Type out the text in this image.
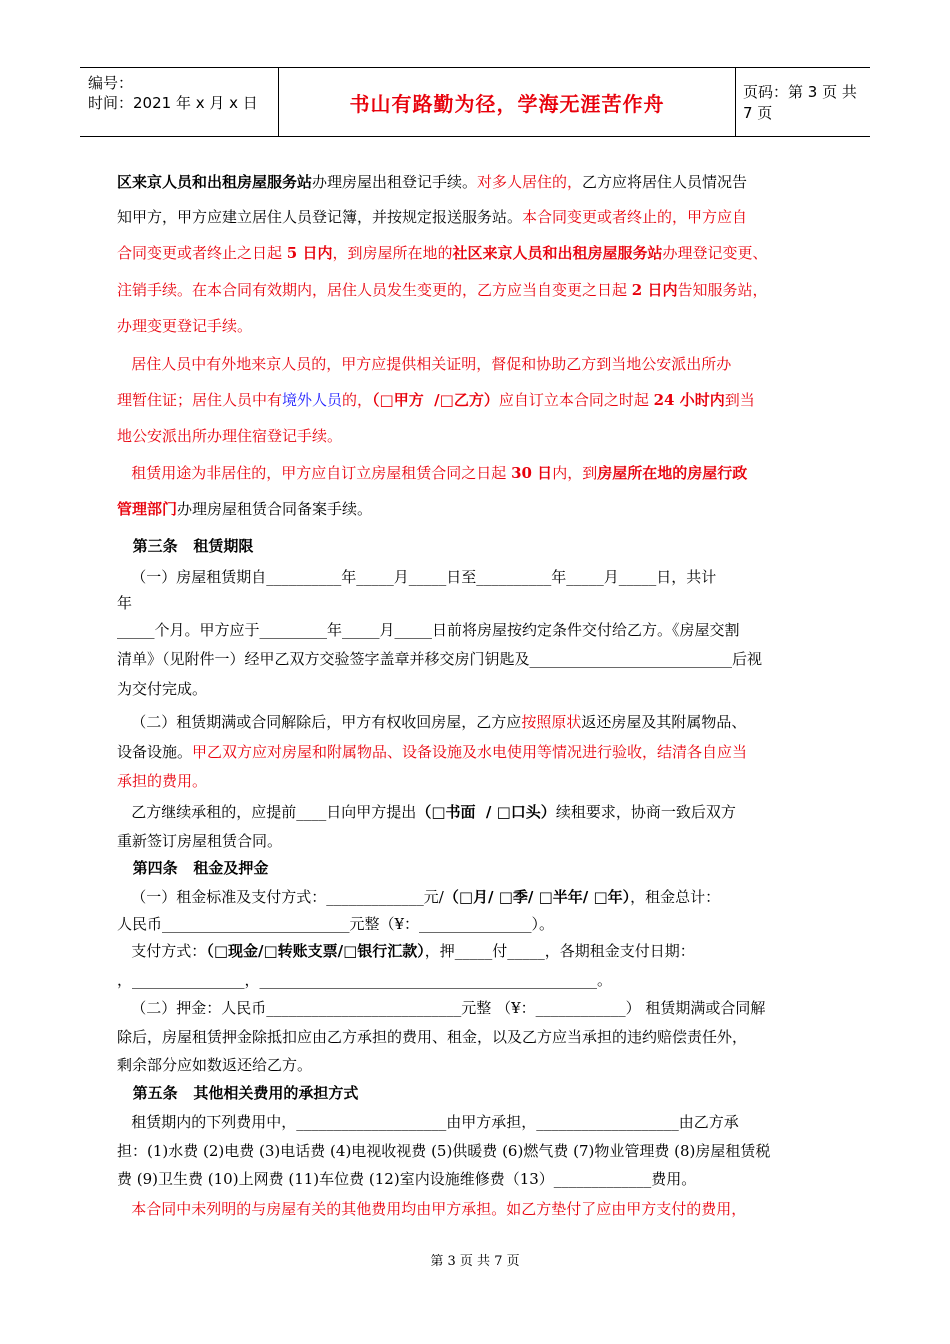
编号：
时间：2021 年 x 月 x 日	书山有路勤为径，学海无涯苦作舟	页码：第 3 页 共 7 页
区来京人员和出租房屋服务站办理房屋出租登记手续。对多人居住的，乙方应将居住人员情况告
知甲方，甲方应建立居住人员登记簿，并按规定报送服务站。本合同变更或者终止的，甲方应自
合同变更或者终止之日起 5 日内，到房屋所在地的社区来京人员和出租房屋服务站办理登记变更、
注销手续。在本合同有效期内，居住人员发生变更的，乙方应当自变更之日起 2 日内告知服务站，
办理变更登记手续。
居住人员中有外地来京人员的，甲方应提供相关证明，督促和协助乙方到当地公安派出所办
理暂住证；居住人员中有境外人员的，（□甲方  /□乙方）应自订立本合同之时起 24 小时内到当
地公安派出所办理住宿登记手续。
租赁用途为非居住的，甲方应自订立房屋租赁合同之日起 30 日内，到房屋所在地的房屋行政
管理部门办理房屋租赁合同备案手续。
第三条   租赁期限
（一）房屋租赁期自__________年_____月_____日至__________年_____月_____日，共计
年
_____个月。甲方应于_________年_____月_____日前将房屋按约定条件交付给乙方。《房屋交割
清单》（见附件一）经甲乙双方交验签字盖章并移交房门钥匙及___________________________后视
为交付完成。
（二）租赁期满或合同解除后，甲方有权收回房屋，乙方应按照原状返还房屋及其附属物品、
设备设施。甲乙双方应对房屋和附属物品、设备设施及水电使用等情况进行验收，结清各自应当
承担的费用。
乙方继续承租的，应提前____日向甲方提出（□书面  / □口头）续租要求，协商一致后双方
重新签订房屋租赁合同。
第四条   租金及押金
（一）租金标准及支付方式：_____________元/（□月/ □季/ □半年/ □年），租金总计：
人民币_________________________元整（¥：_______________）。
支付方式：（□现金/□转账支票/□银行汇款），押_____付_____，各期租金支付日期：
，_______________，_____________________________________________。
（二）押金：人民币__________________________元整 （¥：____________） 租赁期满或合同解
除后，房屋租赁押金除抵扣应由乙方承担的费用、租金，以及乙方应当承担的违约赔偿责任外，
剩余部分应如数返还给乙方。
第五条   其他相关费用的承担方式
租赁期内的下列费用中，____________________由甲方承担，___________________由乙方承
担：(1)水费 (2)电费 (3)电话费 (4)电视收视费 (5)供暖费 (6)燃气费 (7)物业管理费 (8)房屋租赁税
费 (9)卫生费 (10)上网费 (11)车位费 (12)室内设施维修费（13）_____________费用。
本合同中未列明的与房屋有关的其他费用均由甲方承担。如乙方垫付了应由甲方支付的费用，
第 3 页 共 7 页
